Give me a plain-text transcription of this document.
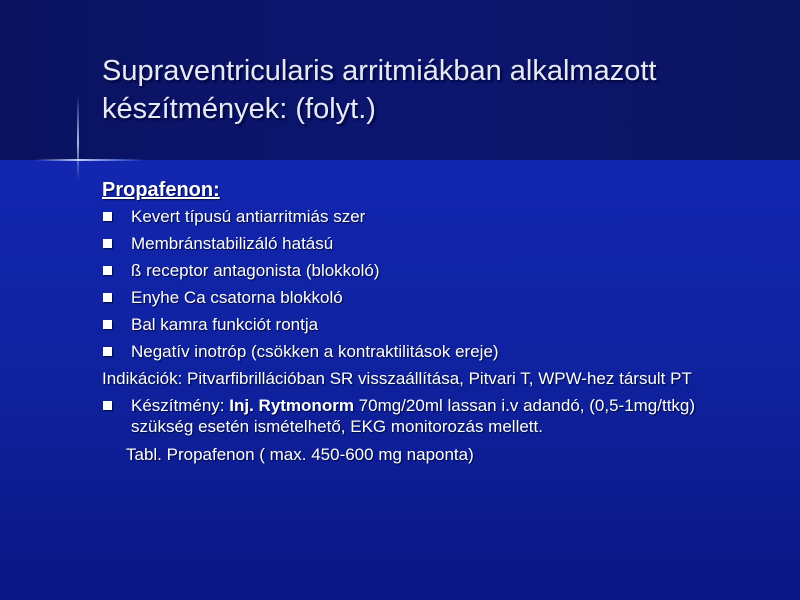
Supraventricularis arritmiákban alkalmazott
készítmények: (folyt.)
Propafenon:
Kevert típusú antiarritmiás szer
Membránstabilizáló hatású
ß receptor antagonista (blokkoló)
Enyhe Ca csatorna blokkoló
Bal kamra funkciót rontja
Negatív inotróp (csökken a kontraktilitások ereje)
Indikációk: Pitvarfibrillációban SR visszaállítása, Pitvari T, WPW-hez társult PT
Készítmény: Inj. Rytmonorm 70mg/20ml lassan i.v adandó, (0,5-1mg/ttkg)
szükség esetén ismételhető, EKG monitorozás mellett.
Tabl. Propafenon ( max. 450-600 mg naponta)
